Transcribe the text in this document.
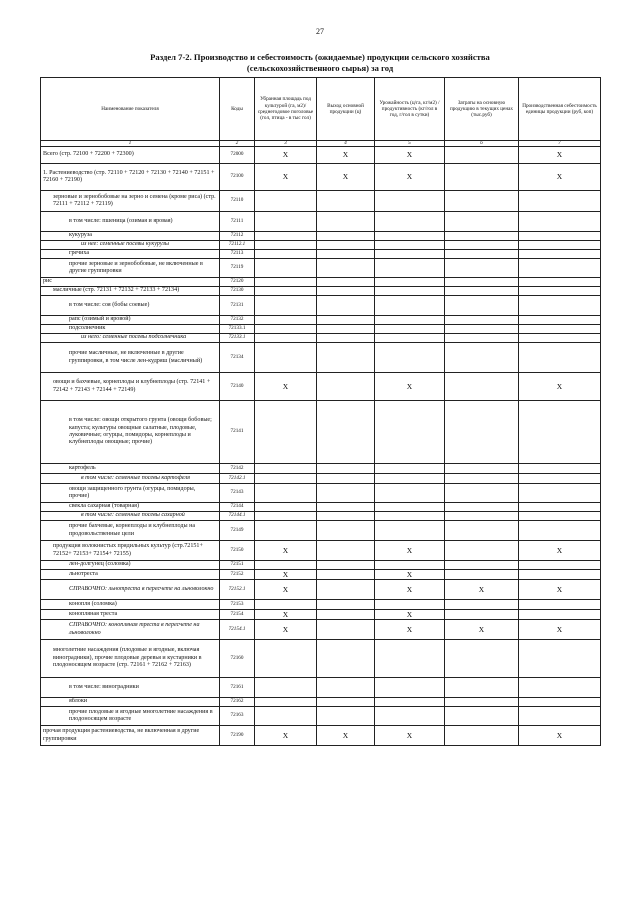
27
Раздел 7-2. Производство и себестоимость (ожидаемые) продукции сельского хозяйства
(сельскохозяйственного сырья) за год
Наименование показателя	Коды	Убранная площадь под культурой (га, м2)/ среднегодовое поголовье (гол, птица - в тыс гол)	Выход основной продукции (ц)	Урожайность (ц/га, кг/м2) / продуктивность (кг/гол в год, г/гол в сутки)	Затраты на основную продукцию в текущих ценах (тыс.руб)	Производственная себестоимость единицы продукции (руб, коп)
1	2	3	4	5	6	7
Всего (стр. 72100 + 72200 + 72300)	72000	X	X	X		X
1. Растениеводство (стр. 72110 + 72120 + 72130 + 72140 + 72151 + 72160 + 72190)	72100	X	X	X		X
зерновые и зернобобовые на зерно и семена (кроме риса) (стр. 72111 + 72112 + 72119)	72110					
в том числе: пшеница (озимая и яровая)	72111					
кукуруза	72112					
из нее: семенные посевы кукурузы	72112.1					
гречиха	72113					
прочие зерновые и зернобобовые, не включенные в другие группировки	72119					
рис	72120					
масличные (стр. 72131 + 72132 + 72133 + 72134)	72130					
в том числе: соя (бобы соевые)	72131					
рапс (озимый и яровой)	72132					
подсолнечник	72133.1					
из него: семенные посевы подсолнечника	72133.1					
прочие масличные, не включенные в другие группировки, в том числе лен-кудряш (масличный)	72134					
овощи и бахчевые, корнеплоды и клубнеплоды (стр. 72141 + 72142 + 72143 + 72144 + 72149)	72140	X		X		X
в том числе: овощи открытого грунта (овощи бобовые; капуста; культуры овощные салатные, плодовые, луковичные; огурцы, помидоры, корнеплоды и клубнеплоды овощные; прочие)	72141					
картофель	72142					
в том числе: семенные посевы картофеля	72142.1					
овощи защищенного грунта (огурцы, помидоры, прочие)	72143					
свекла сахарная (товарная)	72144					
в том числе: семенные посевы сахарной	72144.1					
прочие бахчевые, корнеплоды и клубнеплоды на продовольственные цели	72149					
продукция волокнистых прядильных культур (стр.72151+ 72152+ 72153+ 72154+ 72155)	72150	X		X		X
лен-долгунец (соломка)	72151					
льнотреста	72152	X		X		
СПРАВОЧНО: льнотреста в пересчете на льноволокно	72152.1	X		X	X	X
конопля (соломка)	72153					
конопляная треста	72154	X		X		
СПРАВОЧНО: конопляная треста в пересчете на льноволокно	72154.1	X		X	X	X
многолетние насаждения (плодовые и ягодные, включая виноградники), прочие плодовые деревья и кустарники в плодоносящем возрасте (стр. 72161 + 72162 + 72163)	72160					
в том числе: виноградники	72161					
яблоки	72162					
прочие плодовые и ягодные многолетние насаждения в плодоносящем возрасте	72163					
прочая продукция растениеводства, не включенная в другие группировки	72190	X	X	X		X
